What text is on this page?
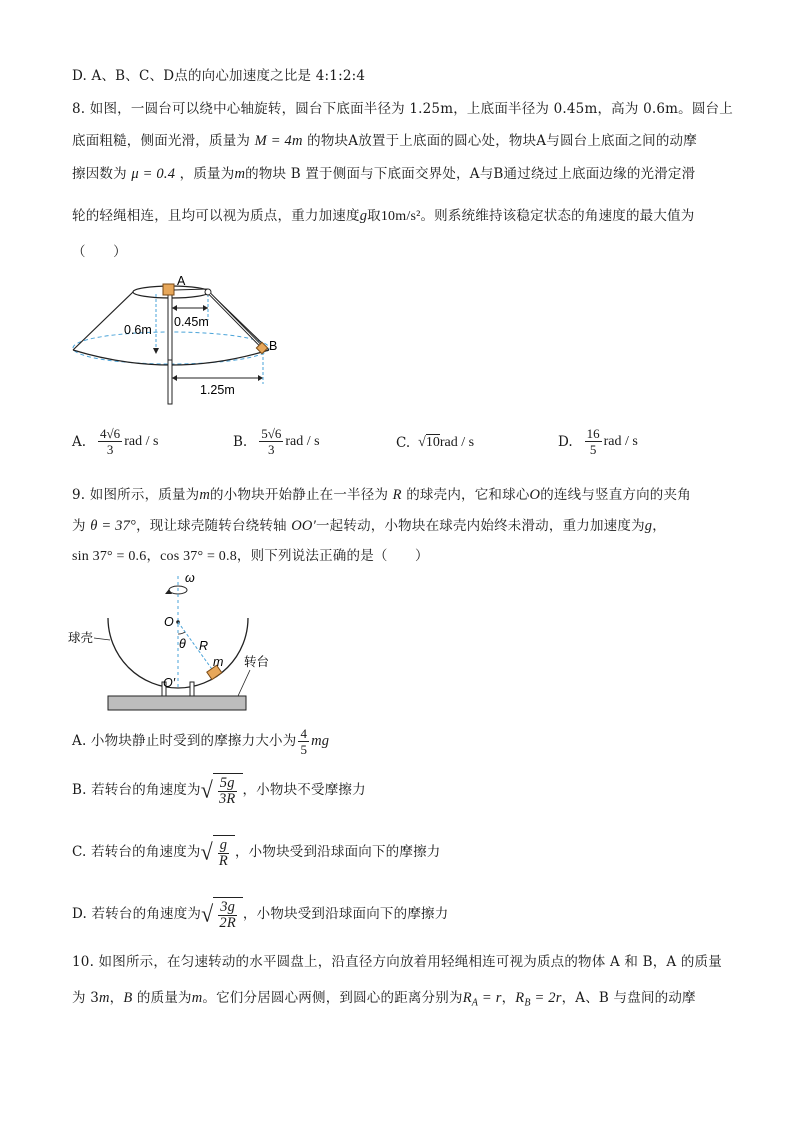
D. A、B、C、D点的向心加速度之比是 4:1:2:4
8. 如图，一圆台可以绕中心轴旋转，圆台下底面半径为 1.25m，上底面半径为 0.45m，高为 0.6m。圆台上
底面粗糙，侧面光滑，质量为 M = 4m 的物块A放置于上底面的圆心处，物块A与圆台上底面之间的动摩
擦因数为 μ = 0.4 ，质量为m的物块 B 置于侧面与下底面交界处，A与B通过绕过上底面边缘的光滑定滑
轮的轻绳相连，且均可以视为质点，重力加速度g取10m/s²。则系统维持该稳定状态的角速度的最大值为
（　　）
A
B
0.6m
0.45m
1.25m
A. $\frac{4√6}{3}$ rad / s	B. $\frac{5√6}{3}$ rad / s	C. √ 10 rad / s	D. $\frac{16}{5}$ rad / s
9. 如图所示，质量为m的小物块开始静止在一半径为 R 的球壳内，它和球心O的连线与竖直方向的夹角
为 θ = 37°，现让球壳随转台绕转轴 OO′一起转动，小物块在球壳内始终未滑动，重力加速度为g，
sin 37° = 0.6，cos 37° = 0.8，则下列说法正确的是（　　）
ω
O
θ R
m
O′
球壳
转台
A. 小物块静止时受到的摩擦力大小为 $\frac{4}{5}$ mg
B. 若转台的角速度为 √ $\frac{5g}{3R}$ ，小物块不受摩擦力
C. 若转台的角速度为 √ $\frac{g}{R}$ ，小物块受到沿球面向下的摩擦力
D. 若转台的角速度为 √ $\frac{3g}{2R}$ ，小物块受到沿球面向下的摩擦力
10. 如图所示，在匀速转动的水平圆盘上，沿直径方向放着用轻绳相连可视为质点的物体 A 和 B，A 的质量
为 3m，B 的质量为m。它们分居圆心两侧，到圆心的距离分别为$R_A = r$，$R_B = 2r$，A、B 与盘间的动摩
